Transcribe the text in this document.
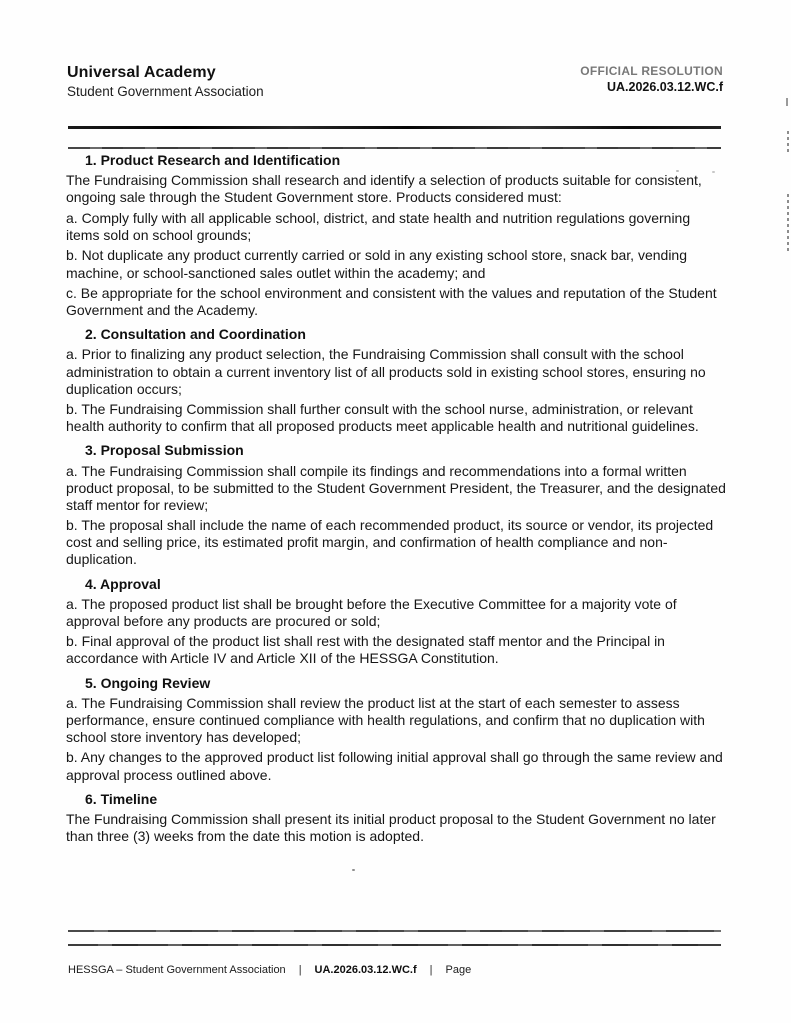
Universal Academy
Student Government Association
OFFICIAL RESOLUTION
UA.2026.03.12.WC.f
1. Product Research and Identification

The Fundraising Commission shall research and identify a selection of products suitable for consistent, ongoing sale through the Student Government store. Products considered must:

a. Comply fully with all applicable school, district, and state health and nutrition regulations governing items sold on school grounds;

b. Not duplicate any product currently carried or sold in any existing school store, snack bar, vending machine, or school-sanctioned sales outlet within the academy; and

c. Be appropriate for the school environment and consistent with the values and reputation of the Student Government and the Academy.

2. Consultation and Coordination

a. Prior to finalizing any product selection, the Fundraising Commission shall consult with the school administration to obtain a current inventory list of all products sold in existing school stores, ensuring no duplication occurs;

b. The Fundraising Commission shall further consult with the school nurse, administration, or relevant health authority to confirm that all proposed products meet applicable health and nutritional guidelines.

3. Proposal Submission

a. The Fundraising Commission shall compile its findings and recommendations into a formal written product proposal, to be submitted to the Student Government President, the Treasurer, and the designated staff mentor for review;

b. The proposal shall include the name of each recommended product, its source or vendor, its projected cost and selling price, its estimated profit margin, and confirmation of health compliance and non-duplication.

4. Approval

a. The proposed product list shall be brought before the Executive Committee for a majority vote of approval before any products are procured or sold;

b. Final approval of the product list shall rest with the designated staff mentor and the Principal in accordance with Article IV and Article XII of the HESSGA Constitution.

5. Ongoing Review

a. The Fundraising Commission shall review the product list at the start of each semester to assess performance, ensure continued compliance with health regulations, and confirm that no duplication with school store inventory has developed;

b. Any changes to the approved product list following initial approval shall go through the same review and approval process outlined above.

6. Timeline

The Fundraising Commission shall present its initial product proposal to the Student Government no later than three (3) weeks from the date this motion is adopted.

HESSGA – Student Government Association | UA.2026.03.12.WC.f | Page
